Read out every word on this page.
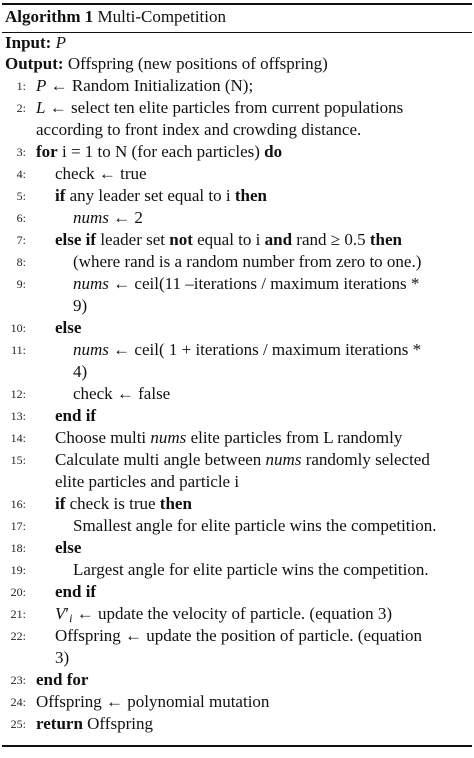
Algorithm 1 Multi-Competition
Input: P
Output: Offspring (new positions of offspring)
1: P ← Random Initialization (N);
2: L ← select ten elite particles from current populations
according to front index and crowding distance.
3: for i = 1 to N (for each particles) do
4: check ← true
5: if any leader set equal to i then
6:	nums ← 2
7: else if leader set not equal to i and rand ≥ 0.5 then
8:	(where rand is a random number from zero to one.)
9:	nums ← ceil(11 –iterations / maximum iterations *
9)
10: else
11:	nums ← ceil( 1 + iterations / maximum iterations *
4)
12:	check ← false
13: end if
14: Choose multi nums elite particles from L randomly
15: Calculate multi angle between nums randomly selected
elite particles and particle i
16: if check is true then
17:	Smallest angle for elite particle wins the competition.
18: else
19:	Largest angle for elite particle wins the competition.
20: end if
21: V′i ← update the velocity of particle. (equation 3)
22: Offspring ← update the position of particle. (equation
3)
23: end for
24: Offspring ← polynomial mutation
25: return Offspring
